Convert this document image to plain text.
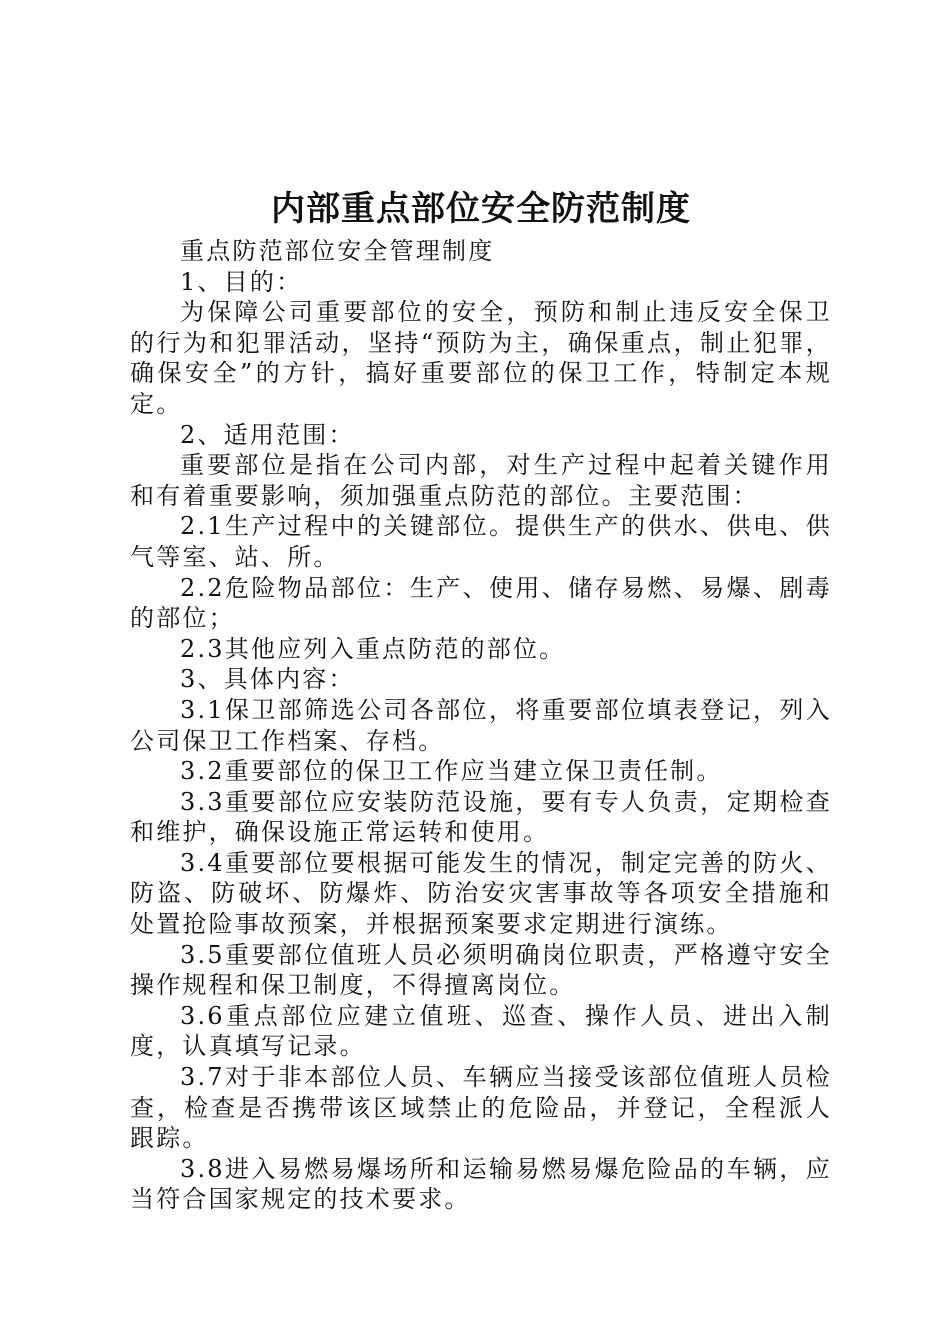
内部重点部位安全防范制度

重点防范部位安全管理制度

1、目的：

为保障公司重要部位的安全，预防和制止违反安全保卫的行为和犯罪活动，坚持“预防为主，确保重点，制止犯罪，确保安全”的方针，搞好重要部位的保卫工作，特制定本规定。

2、适用范围：

重要部位是指在公司内部，对生产过程中起着关键作用和有着重要影响，须加强重点防范的部位。主要范围：

2.1生产过程中的关键部位。提供生产的供水、供电、供气等室、站、所。

2.2危险物品部位：生产、使用、储存易燃、易爆、剧毒的部位；

2.3其他应列入重点防范的部位。

3、具体内容：

3.1保卫部筛选公司各部位，将重要部位填表登记，列入公司保卫工作档案、存档。

3.2重要部位的保卫工作应当建立保卫责任制。

3.3重要部位应安装防范设施，要有专人负责，定期检查和维护，确保设施正常运转和使用。

3.4重要部位要根据可能发生的情况，制定完善的防火、防盗、防破坏、防爆炸、防治安灾害事故等各项安全措施和处置抢险事故预案，并根据预案要求定期进行演练。

3.5重要部位值班人员必须明确岗位职责，严格遵守安全操作规程和保卫制度，不得擅离岗位。

3.6重点部位应建立值班、巡查、操作人员、进出入制度，认真填写记录。

3.7对于非本部位人员、车辆应当接受该部位值班人员检查，检查是否携带该区域禁止的危险品，并登记，全程派人跟踪。

3.8进入易燃易爆场所和运输易燃易爆危险品的车辆，应当符合国家规定的技术要求。
